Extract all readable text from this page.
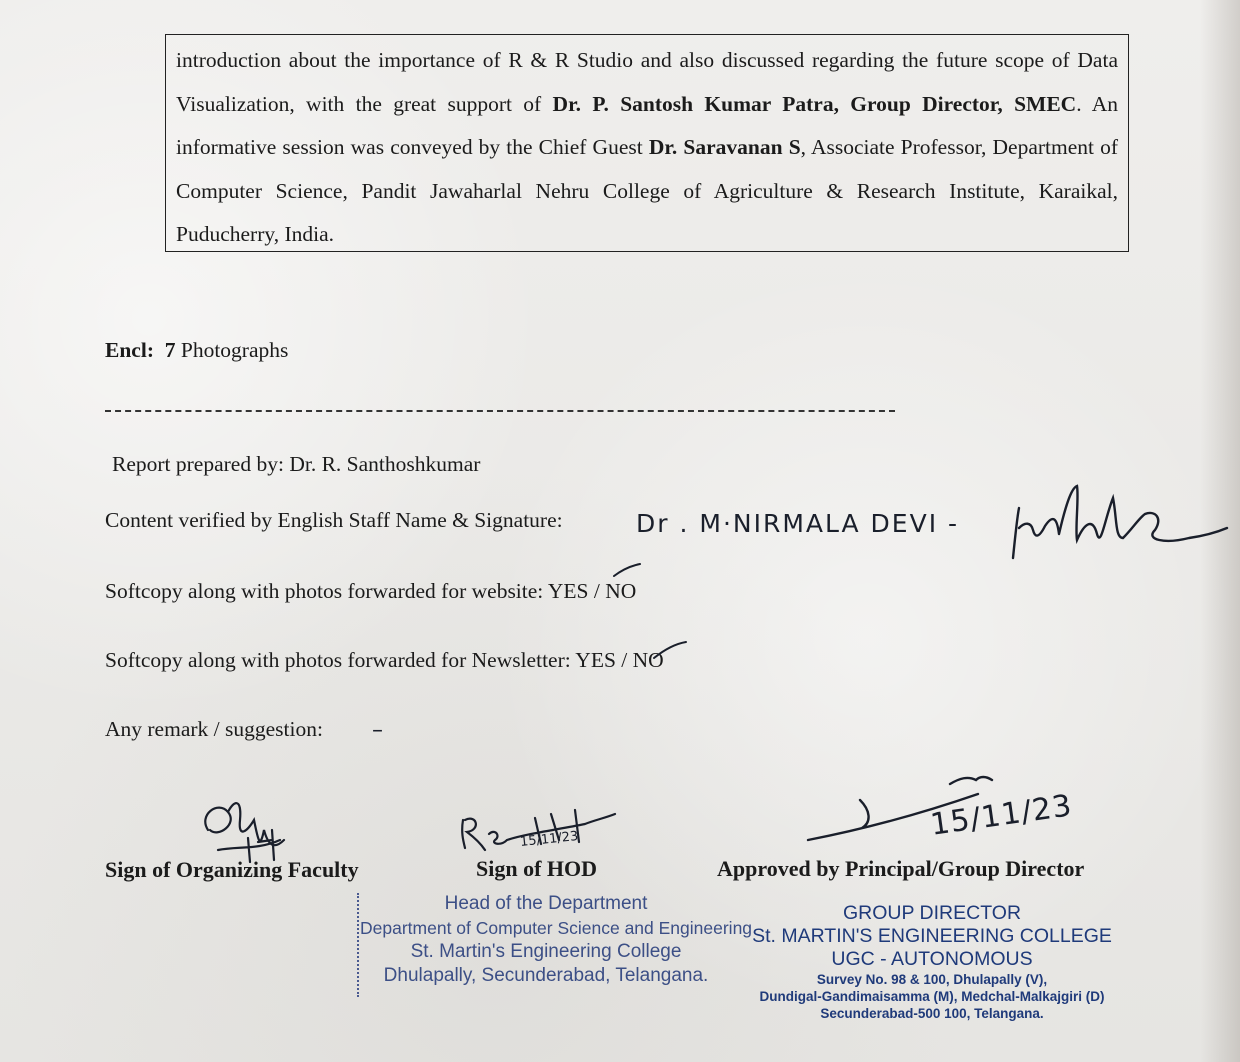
introduction about the importance of R & R Studio and also discussed regarding the future scope of Data Visualization, with the great support of Dr. P. Santosh Kumar Patra, Group Director, SMEC. An informative session was conveyed by the Chief Guest Dr. Saravanan S, Associate Professor, Department of Computer Science, Pandit Jawaharlal Nehru College of Agriculture & Research Institute, Karaikal, Puducherry, India.

Encl: 7 Photographs
Report prepared by: Dr. R. Santhoshkumar
Content verified by English Staff Name & Signature:	Dr . M·NIRMALA DEVI -
Softcopy along with photos forwarded for website: YES / NO
Softcopy along with photos forwarded for Newsletter: YES / NO
Any remark / suggestion: –
15/11/23	15/11/23
Sign of Organizing Faculty	Sign of HOD	Approved by Principal/Group Director
Head of the Department
Department of Computer Science and Engineering
St. Martin's Engineering College
Dhulapally, Secunderabad, Telangana.
GROUP DIRECTOR
St. MARTIN'S ENGINEERING COLLEGE
UGC - AUTONOMOUS
Survey No. 98 & 100, Dhulapally (V),
Dundigal-Gandimaisamma (M), Medchal-Malkajgiri (D)
Secunderabad-500 100, Telangana.
